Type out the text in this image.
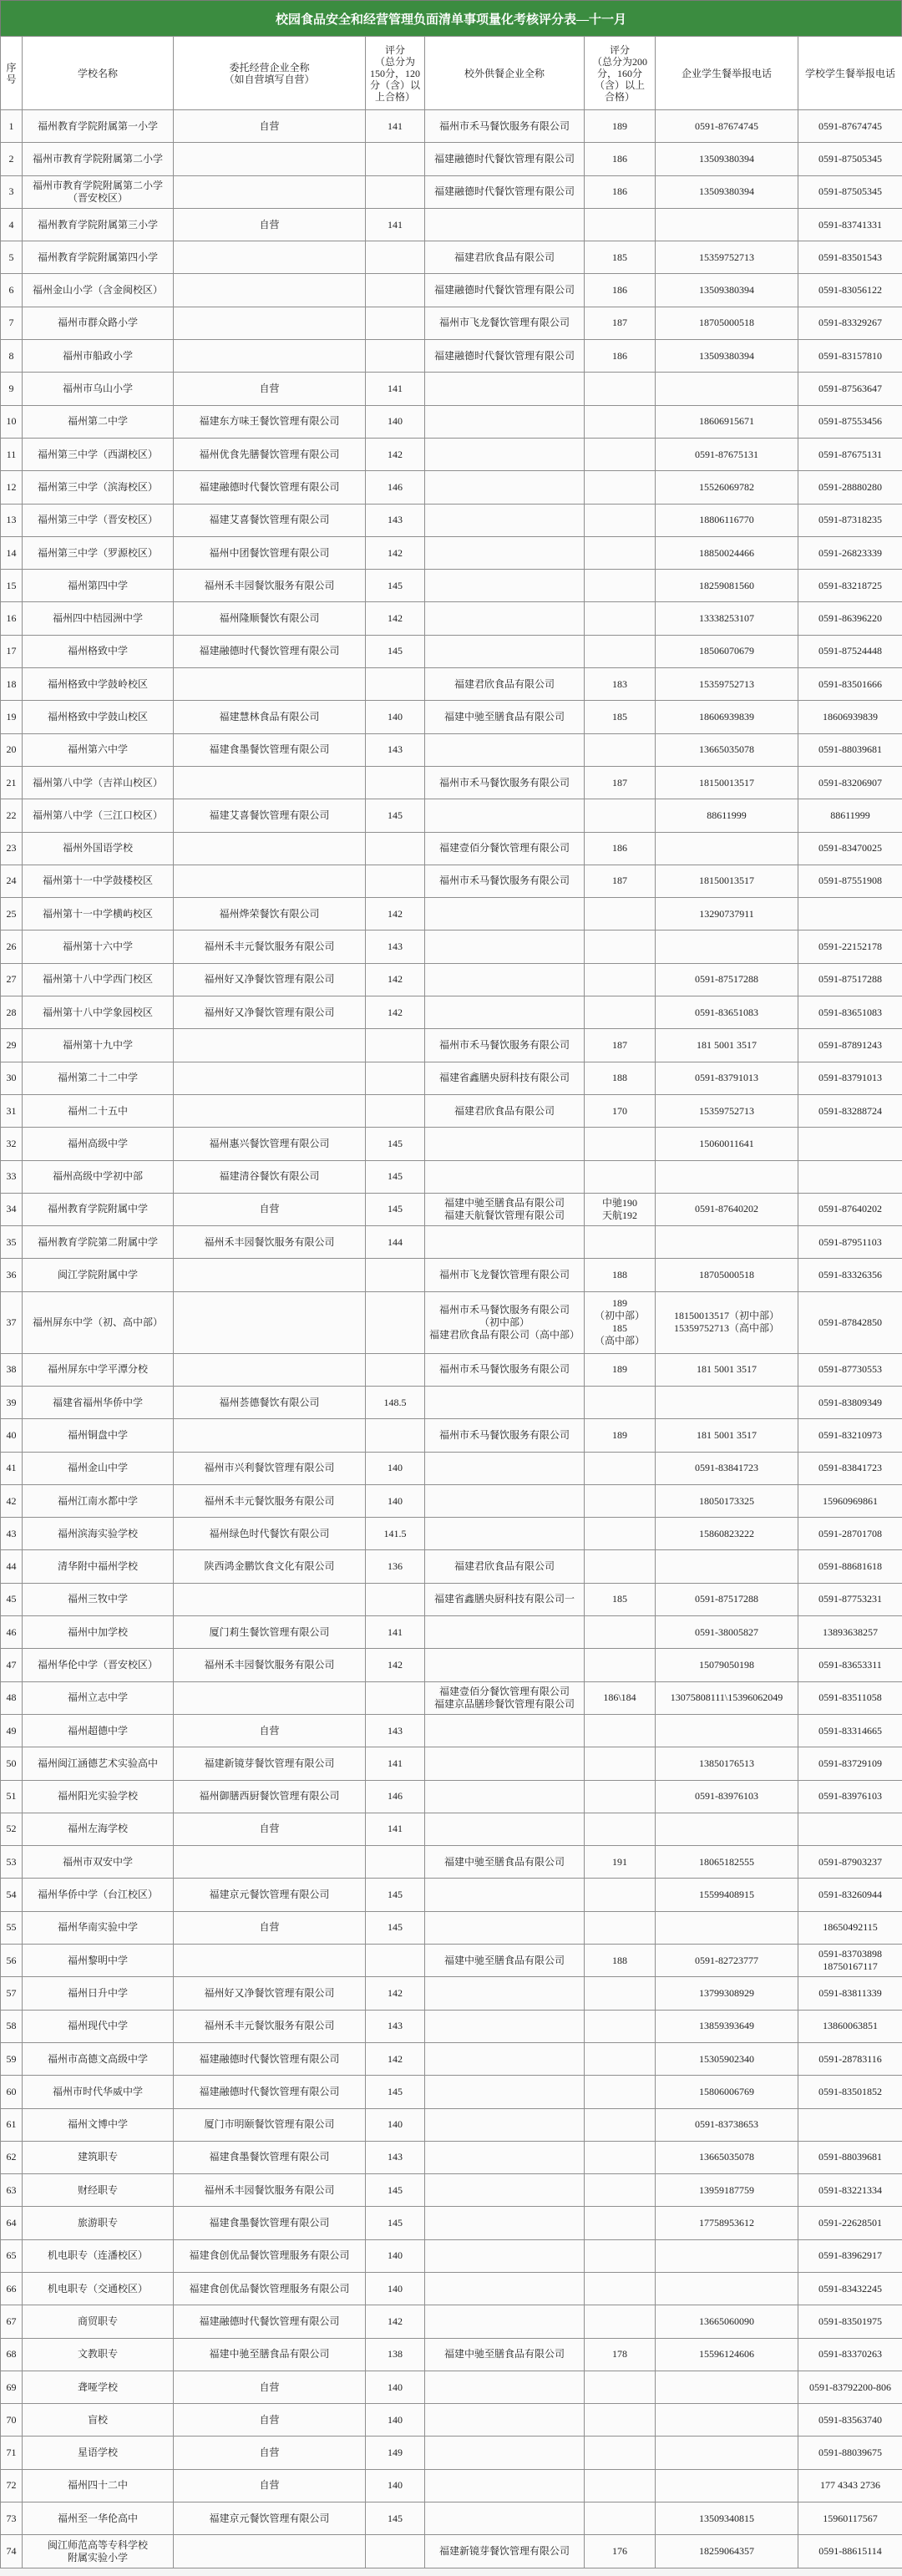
校园食品安全和经营管理负面清单事项量化考核评分表—十一月
序号	学校名称	委托经营企业全称
（如自营填写自营）	评分
（总分为
150分，120
分（含）以
上合格）	校外供餐企业全称	评分
（总分为200
分，160分
（含）以上
合格）	企业学生餐举报电话	学校学生餐举报电话
1	福州教育学院附属第一小学	自营	141	福州市禾马餐饮服务有限公司	189	0591-87674745	0591-87674745
2	福州市教育学院附属第二小学			福建融德时代餐饮管理有限公司	186	13509380394	0591-87505345
3	福州市教育学院附属第二小学
（晋安校区）			福建融德时代餐饮管理有限公司	186	13509380394	0591-87505345
4	福州教育学院附属第三小学	自营	141				0591-83741331
5	福州教育学院附属第四小学			福建君欣食品有限公司	185	15359752713	0591-83501543
6	福州金山小学（含金闽校区）			福建融德时代餐饮管理有限公司	186	13509380394	0591-83056122
7	福州市群众路小学			福州市飞龙餐饮管理有限公司	187	18705000518	0591-83329267
8	福州市船政小学			福建融德时代餐饮管理有限公司	186	13509380394	0591-83157810
9	福州市乌山小学	自营	141				0591-87563647
10	福州第二中学	福建东方味王餐饮管理有限公司	140			18606915671	0591-87553456
11	福州第三中学（西湖校区）	福州优食先膳餐饮管理有限公司	142			0591-87675131	0591-87675131
12	福州第三中学（滨海校区）	福建融德时代餐饮管理有限公司	146			15526069782	0591-28880280
13	福州第三中学（晋安校区）	福建艾喜餐饮管理有限公司	143			18806116770	0591-87318235
14	福州第三中学（罗源校区）	福州中团餐饮管理有限公司	142			18850024466	0591-26823339
15	福州第四中学	福州禾丰园餐饮服务有限公司	145			18259081560	0591-83218725
16	福州四中桔园洲中学	福州隆顺餐饮有限公司	142			13338253107	0591-86396220
17	福州格致中学	福建融德时代餐饮管理有限公司	145			18506070679	0591-87524448
18	福州格致中学鼓岭校区			福建君欣食品有限公司	183	15359752713	0591-83501666
19	福州格致中学鼓山校区	福建慧林食品有限公司	140	福建中驰至膳食品有限公司	185	18606939839	18606939839
20	福州第六中学	福建食墨餐饮管理有限公司	143			13665035078	0591-88039681
21	福州第八中学（吉祥山校区）			福州市禾马餐饮服务有限公司	187	18150013517	0591-83206907
22	福州第八中学（三江口校区）	福建艾喜餐饮管理有限公司	145			88611999	88611999
23	福州外国语学校			福建壹佰分餐饮管理有限公司	186		0591-83470025
24	福州第十一中学鼓楼校区			福州市禾马餐饮服务有限公司	187	18150013517	0591-87551908
25	福州第十一中学横屿校区	福州烨荣餐饮有限公司	142			13290737911	
26	福州第十六中学	福州禾丰元餐饮服务有限公司	143				0591-22152178
27	福州第十八中学西门校区	福州好又净餐饮管理有限公司	142			0591-87517288	0591-87517288
28	福州第十八中学象园校区	福州好又净餐饮管理有限公司	142			0591-83651083	0591-83651083
29	福州第十九中学			福州市禾马餐饮服务有限公司	187	181 5001 3517	0591-87891243
30	福州第二十二中学			福建省鑫膳央厨科技有限公司	188	0591-83791013	0591-83791013
31	福州二十五中			福建君欣食品有限公司	170	15359752713	0591-83288724
32	福州高级中学	福州惠兴餐饮管理有限公司	145			15060011641	
33	福州高级中学初中部	福建清谷餐饮有限公司	145				
34	福州教育学院附属中学	自营	145	福建中驰至膳食品有限公司
福建天航餐饮管理有限公司	中驰190
天航192	0591-87640202	0591-87640202
35	福州教育学院第二附属中学	福州禾丰园餐饮服务有限公司	144				0591-87951103
36	闽江学院附属中学			福州市飞龙餐饮管理有限公司	188	18705000518	0591-83326356
37	福州屏东中学（初、高中部）			福州市禾马餐饮服务有限公司
（初中部）
福建君欣食品有限公司（高中部）	189
（初中部）
185
（高中部）	18150013517（初中部）
15359752713（高中部）	0591-87842850
38	福州屏东中学平潭分校			福州市禾马餐饮服务有限公司	189	181 5001 3517	0591-87730553
39	福建省福州华侨中学	福州荟德餐饮有限公司	148.5				0591-83809349
40	福州铜盘中学			福州市禾马餐饮服务有限公司	189	181 5001 3517	0591-83210973
41	福州金山中学	福州市兴利餐饮管理有限公司	140			0591-83841723	0591-83841723
42	福州江南水都中学	福州禾丰元餐饮服务有限公司	140			18050173325	15960969861
43	福州滨海实验学校	福州绿色时代餐饮有限公司	141.5			15860823222	0591-28701708
44	清华附中福州学校	陕西鸿金鹏饮食文化有限公司	136	福建君欣食品有限公司			0591-88681618
45	福州三牧中学			福建省鑫膳央厨科技有限公司一	185	0591-87517288	0591-87753231
46	福州中加学校	厦门莉生餐饮管理有限公司	141			0591-38005827	13893638257
47	福州华伦中学（晋安校区）	福州禾丰园餐饮服务有限公司	142			15079050198	0591-83653311
48	福州立志中学			福建壹佰分餐饮管理有限公司
福建京品膳珍餐饮管理有限公司	186\184	13075808111\15396062049	0591-83511058
49	福州超德中学	自营	143				0591-83314665
50	福州闽江涵德艺术实验高中	福建新镜芽餐饮管理有限公司	141			13850176513	0591-83729109
51	福州阳光实验学校	福州御膳西厨餐饮管理有限公司	146			0591-83976103	0591-83976103
52	福州左海学校	自营	141				
53	福州市双安中学			福建中驰至膳食品有限公司	191	18065182555	0591-87903237
54	福州华侨中学（台江校区）	福建京元餐饮管理有限公司	145			15599408915	0591-83260944
55	福州华南实验中学	自营	145				18650492115
56	福州黎明中学			福建中驰至膳食品有限公司	188	0591-82723777	0591-83703898
18750167117

57	福州日升中学	福州好又净餐饮管理有限公司	142			13799308929	0591-83811339
58	福州现代中学	福州禾丰元餐饮服务有限公司	143			13859393649	13860063851
59	福州市高德文高级中学	福建融德时代餐饮管理有限公司	142			15305902340	0591-28783116
60	福州市时代华威中学	福建融德时代餐饮管理有限公司	145			15806006769	0591-83501852
61	福州文博中学	厦门市明颐餐饮管理有限公司	140			0591-83738653	
62	建筑职专	福建食墨餐饮管理有限公司	143			13665035078	0591-88039681
63	财经职专	福州禾丰园餐饮服务有限公司	145			13959187759	0591-83221334
64	旅游职专	福建食墨餐饮管理有限公司	145			17758953612	0591-22628501
65	机电职专（连潘校区）	福建食创优品餐饮管理服务有限公司	140				0591-83962917
66	机电职专（交通校区）	福建食创优品餐饮管理服务有限公司	140				0591-83432245
67	商贸职专	福建融德时代餐饮管理有限公司	142			13665060090	0591-83501975
68	文教职专	福建中驰至膳食品有限公司	138	福建中驰至膳食品有限公司	178	15596124606	0591-83370263
69	聋哑学校	自营	140				0591-83792200-806
70	盲校	自营	140				0591-83563740
71	星语学校	自营	149				0591-88039675
72	福州四十二中	自营	140				177 4343 2736
73	福州至一华伦高中	福建京元餐饮管理有限公司	145			13509340815	15960117567
74	闽江师范高等专科学校
附属实验小学			福建新镜芽餐饮管理有限公司	176	18259064357	0591-88615114
